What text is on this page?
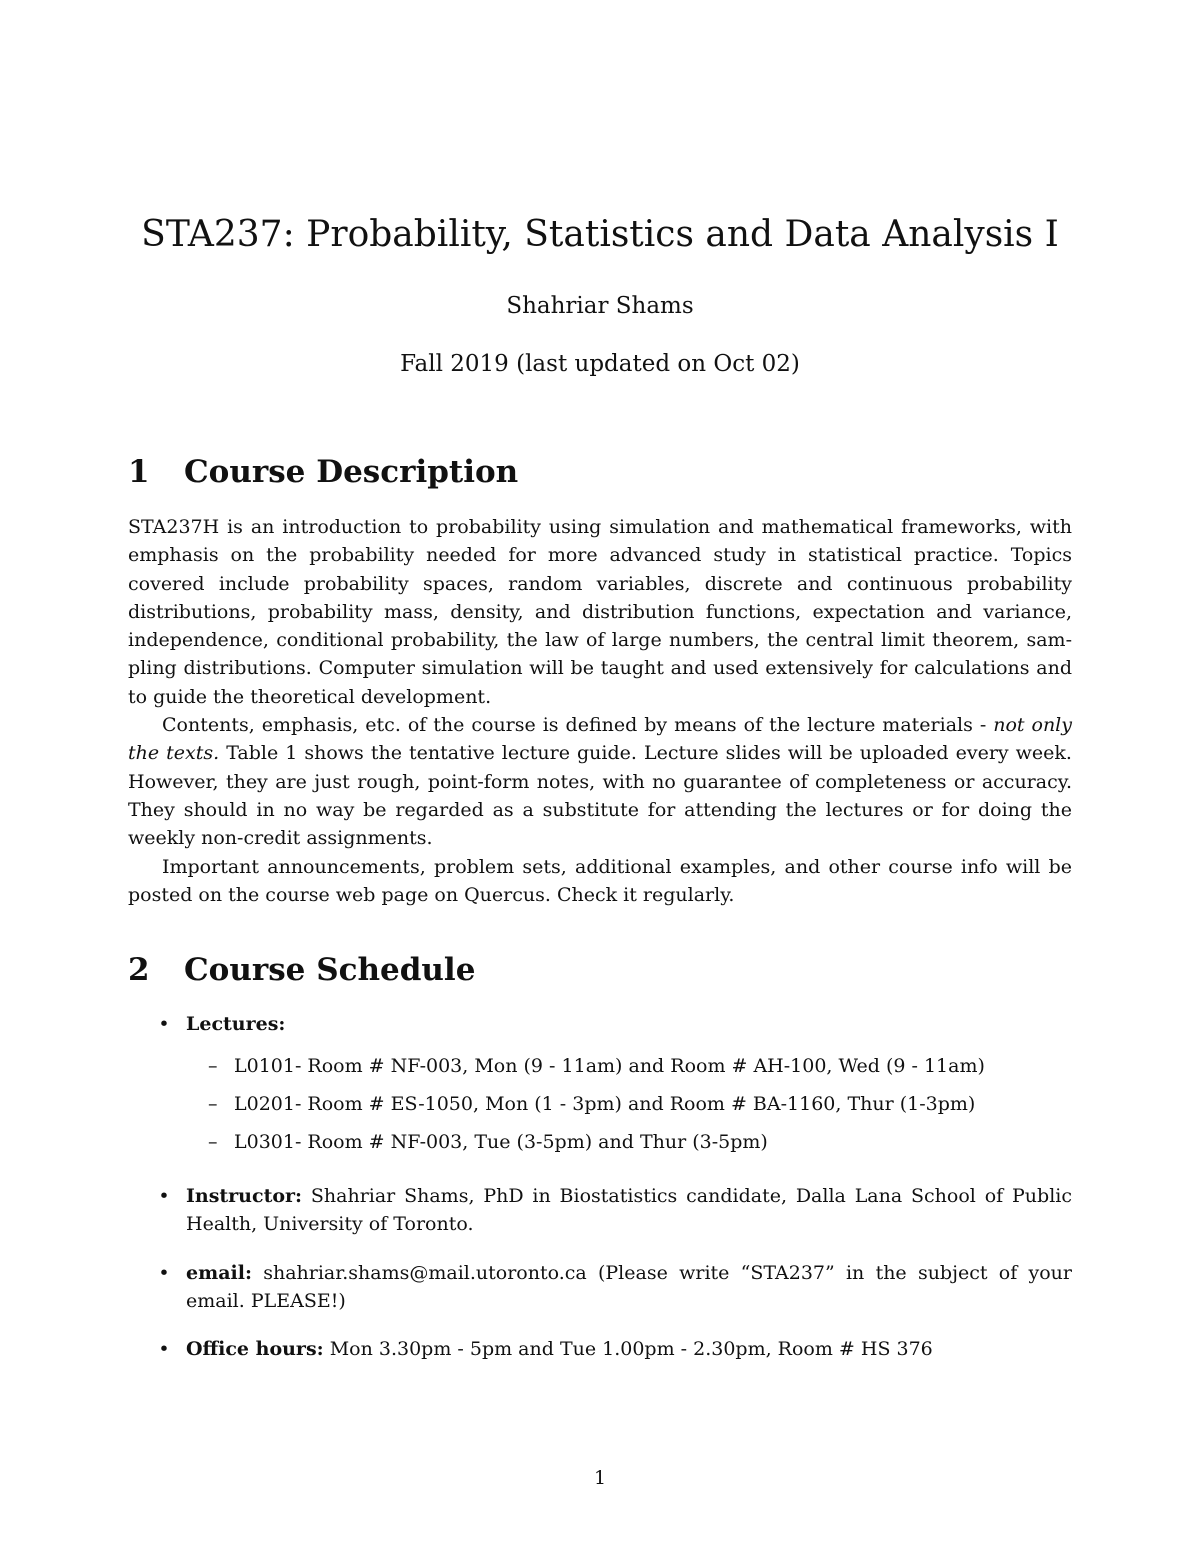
STA237: Probability, Statistics and Data Analysis I
Shahriar Shams
Fall 2019 (last updated on Oct 02)
1 Course Description

STA237H is an introduction to probability using simulation and mathematical frameworks, with emphasis on the probability needed for more advanced study in statistical practice. Topics covered include probability spaces, random variables, discrete and continuous probability distributions, probability mass, density, and distribution functions, expectation and variance, independence, conditional probability, the law of large numbers, the central limit theorem, sampling distributions. Computer simulation will be taught and used extensively for calculations and to guide the theoretical development.

Contents, emphasis, etc. of the course is defined by means of the lecture materials - not only the texts. Table 1 shows the tentative lecture guide. Lecture slides will be uploaded every week. However, they are just rough, point-form notes, with no guarantee of completeness or accuracy. They should in no way be regarded as a substitute for attending the lectures or for doing the weekly non-credit assignments.

Important announcements, problem sets, additional examples, and other course info will be posted on the course web page on Quercus. Check it regularly.

2 Course Schedule
• Lectures:
– L0101- Room # NF-003, Mon (9 - 11am) and Room # AH-100, Wed (9 - 11am)
– L0201- Room # ES-1050, Mon (1 - 3pm) and Room # BA-1160, Thur (1-3pm)
– L0301- Room # NF-003, Tue (3-5pm) and Thur (3-5pm)
• Instructor: Shahriar Shams, PhD in Biostatistics candidate, Dalla Lana School of Public Health, University of Toronto.
• email: shahriar.shams@mail.utoronto.ca (Please write “STA237” in the subject of your email. PLEASE!)
• Office hours: Mon 3.30pm - 5pm and Tue 1.00pm - 2.30pm, Room # HS 376
1
